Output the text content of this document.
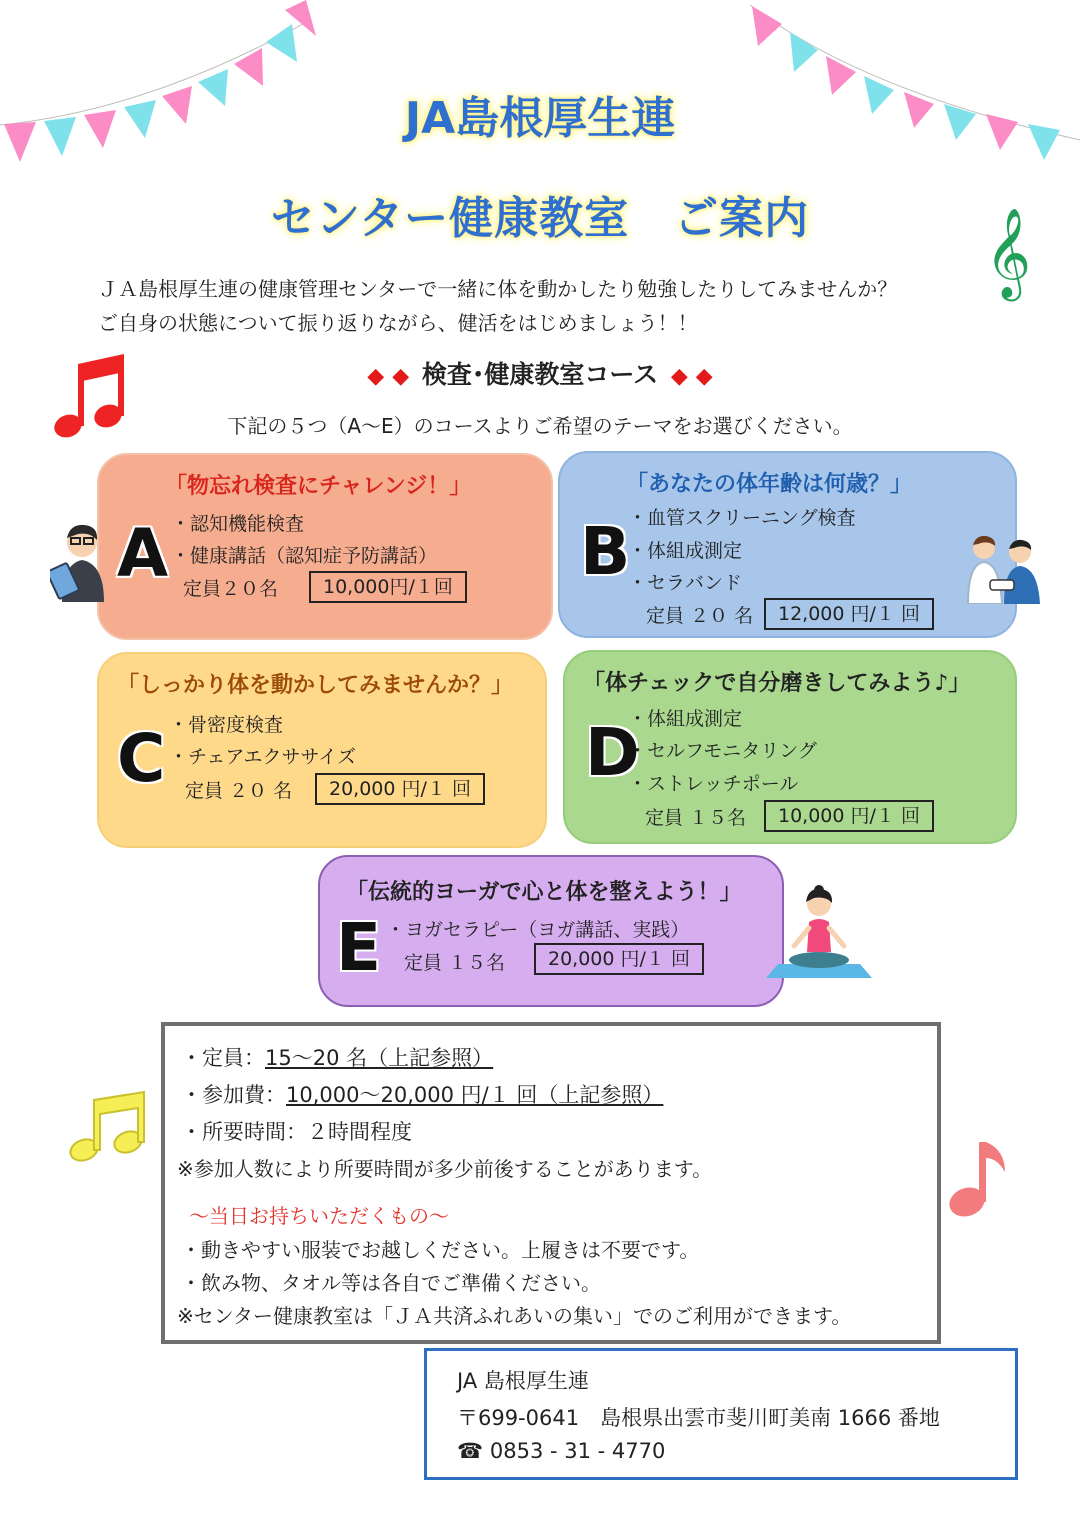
JA島根厚生連
センター健康教室　ご案内	𝄞
ＪＡ島根厚生連の健康管理センターで一緒に体を動かしたり勉強したりしてみませんか？
ご自身の状態について振り返りながら、健活をはじめましょう！！
◆ ◆ 検査･健康教室コース ◆ ◆
下記の５つ（A～E）のコースよりご希望のテーマをお選びください。
「物忘れ検査にチャレンジ！」
A ・認知機能検査
・健康講話（認知症予防講話）
定員２０名	10,000円/１回
「あなたの体年齢は何歳？」
B
・血管スクリーニング検査
・体組成測定
・セラバンド
定員 ２０ 名	12,000 円/１ 回
「しっかり体を動かしてみませんか？」
C ・骨密度検査
・チェアエクササイズ
定員 ２０ 名	20,000 円/１ 回
「体チェックで自分磨きしてみよう♪」
D
・体組成測定
・セルフモニタリング
・ストレッチポール
定員 １５名	10,000 円/１ 回
「伝統的ヨーガで心と体を整えよう！」
E ・ヨガセラピー（ヨガ講話、実践）
定員 １５名	20,000 円/１ 回
・定員：15～20 名（上記参照）
・参加費：10,000～20,000 円/１ 回（上記参照）
・所要時間：２時間程度
※参加人数により所要時間が多少前後することがあります。
～当日お持ちいただくもの～
・動きやすい服装でお越しください。上履きは不要です。
・飲み物、タオル等は各自でご準備ください。
※センター健康教室は「ＪＡ共済ふれあいの集い」でのご利用ができます。
JA 島根厚生連
〒699-0641　島根県出雲市斐川町美南 1666 番地
☎ 0853 - 31 - 4770
